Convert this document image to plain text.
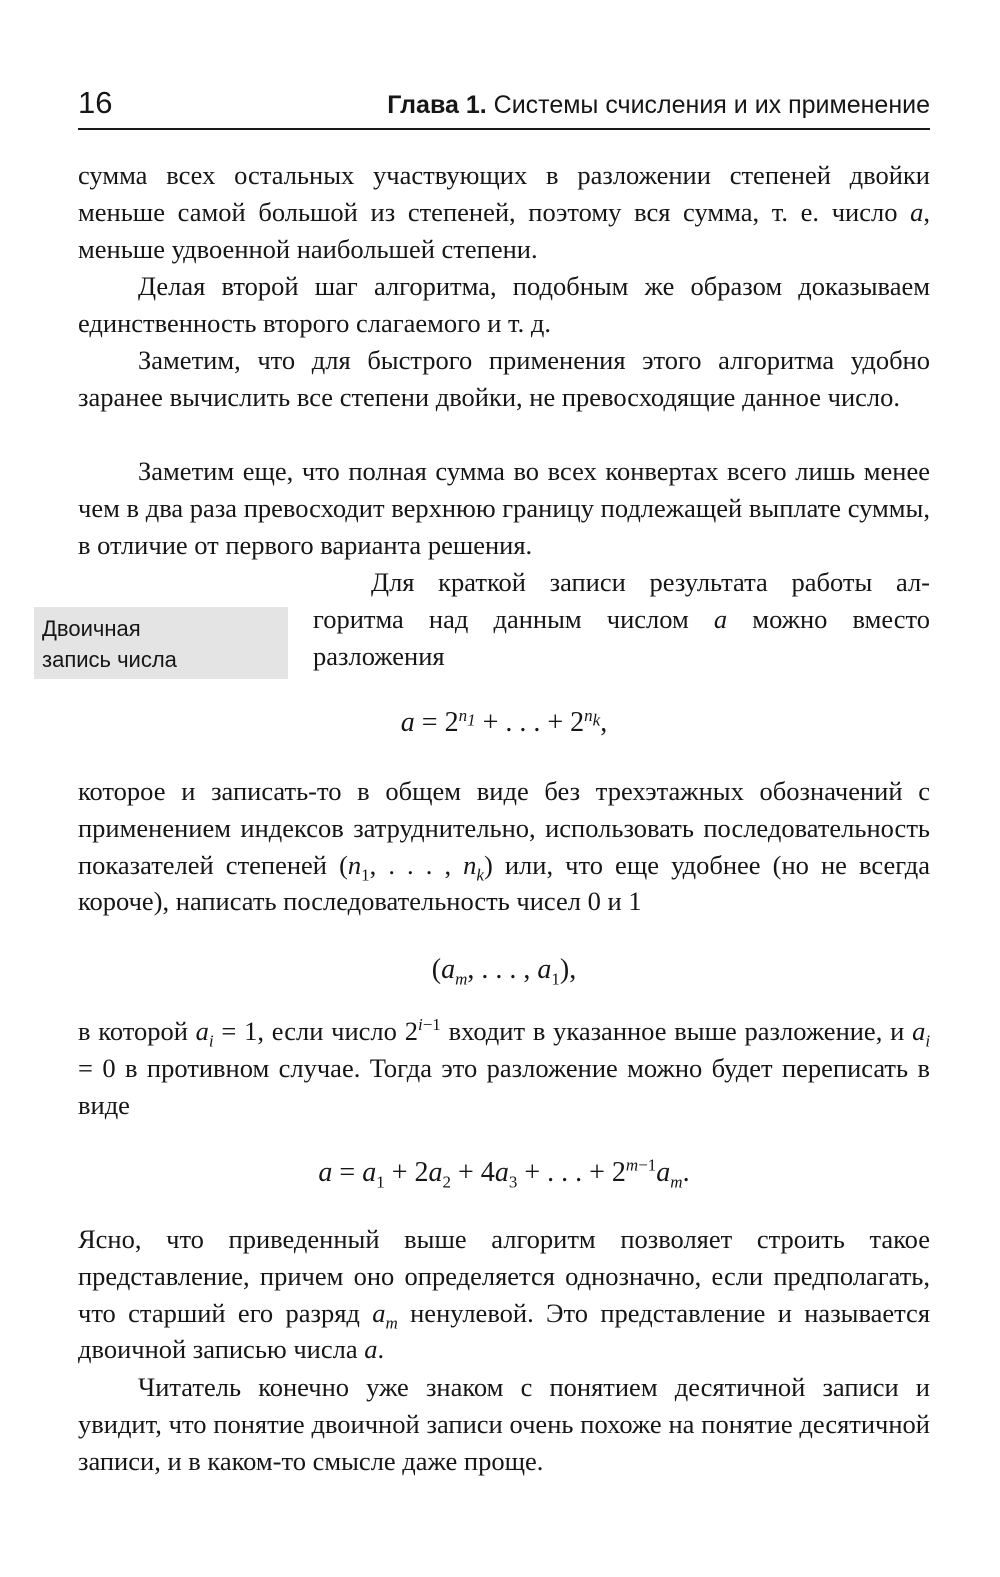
16	Глава 1. Системы счисления и их применение

сумма всех остальных участвующих в разложении степеней двойки меньше самой большой из степеней, поэтому вся сумма, т. е. число a, меньше удвоенной наибольшей степени.

Делая второй шаг алгоритма, подобным же образом доказываем единственность второго слагаемого и т. д.

Заметим, что для быстрого применения этого алгоритма удобно заранее вычислить все степени двойки, не превосходящие данное число.

Заметим еще, что полная сумма во всех конвертах всего лишь менее чем в два раза превосходит верхнюю границу подлежащей выплате суммы, в отличие от первого варианта решения.

Двоичная
запись числа

Для краткой записи результата работы ал-

горитма над данным числом a можно вместо разложения

$a = 2^{n_1}$ + . . . + $2^{n_k}$,

которое и записать-то в общем виде без трехэтажных обозначений с применением индексов затруднительно, использовать последовательность показателей степеней ($n_1$, . . . , $n_k$) или, что еще удобнее (но не всегда короче), написать последовательность чисел 0 и 1

($a_m$, . . . , $a_1$),

в которой $a_i = 1$, если число $2^{i-1}$ входит в указанное выше разложение, и $a_i = 0$ в противном случае. Тогда это разложение можно будет переписать в виде

$a = a_1 + 2a_2 + 4a_3$ + . . . + $2^{m-1}a_m$.

Ясно, что приведенный выше алгоритм позволяет строить такое представление, причем оно определяется однозначно, если предполагать, что старший его разряд $a_m$ ненулевой. Это представление и называется двоичной записью числа a.

Читатель конечно уже знаком с понятием десятичной записи и увидит, что понятие двоичной записи очень похоже на понятие десятичной записи, и в каком-то смысле даже проще.
